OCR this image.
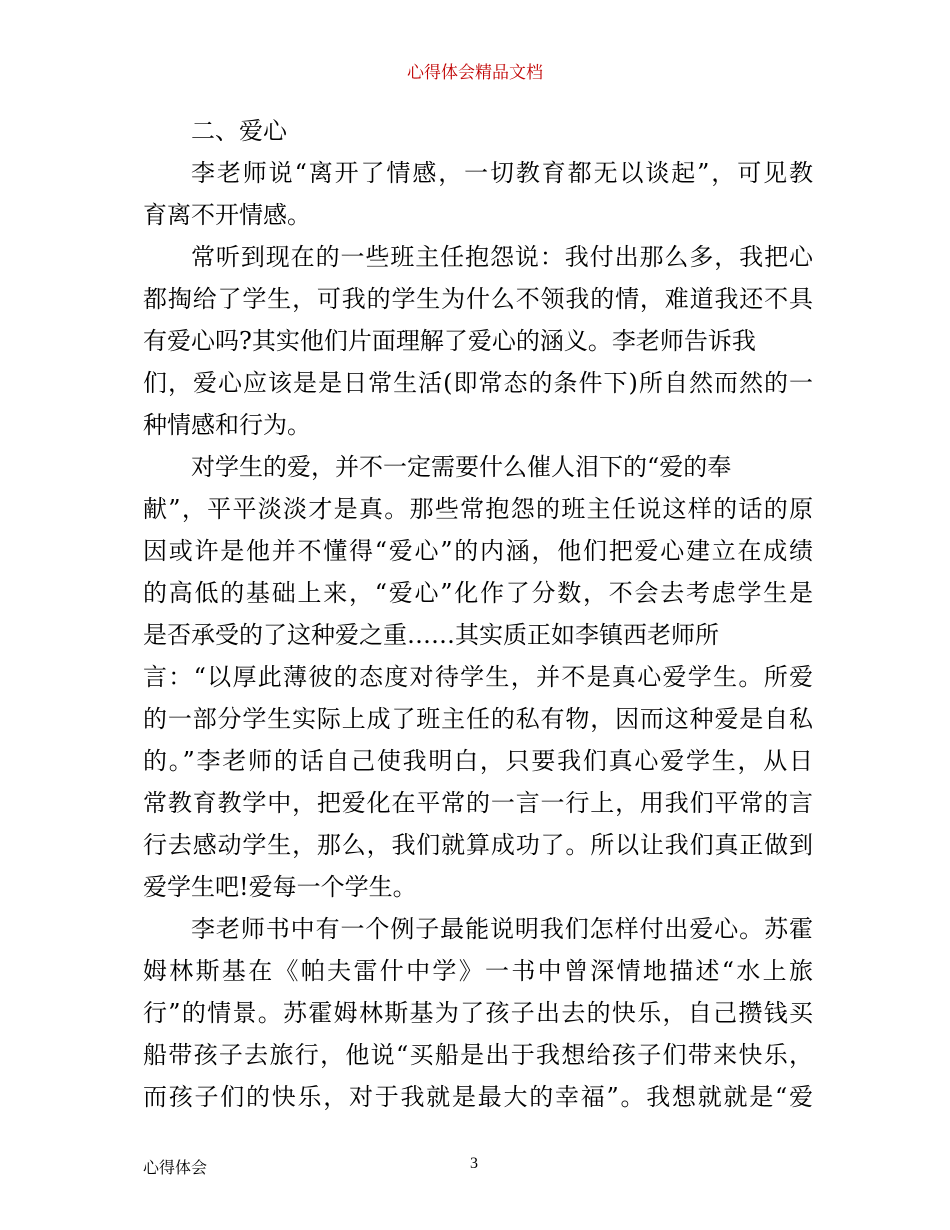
心得体会精品文档
二、爱心
李老师说“离开了情感，一切教育都无以谈起”，可见教
育离不开情感。
常听到现在的一些班主任抱怨说：我付出那么多，我把心
都掏给了学生，可我的学生为什么不领我的情，难道我还不具
有爱心吗?其实他们片面理解了爱心的涵义。李老师告诉我
们，爱心应该是是日常生活(即常态的条件下)所自然而然的一
种情感和行为。
对学生的爱，并不一定需要什么催人泪下的“爱的奉
献”，平平淡淡才是真。那些常抱怨的班主任说这样的话的原
因或许是他并不懂得“爱心”的内涵，他们把爱心建立在成绩
的高低的基础上来，“爱心”化作了分数，不会去考虑学生是
是否承受的了这种爱之重……其实质正如李镇西老师所
言：“以厚此薄彼的态度对待学生，并不是真心爱学生。所爱
的一部分学生实际上成了班主任的私有物，因而这种爱是自私
的。”李老师的话自己使我明白，只要我们真心爱学生，从日
常教育教学中，把爱化在平常的一言一行上，用我们平常的言
行去感动学生，那么，我们就算成功了。所以让我们真正做到
爱学生吧!爱每一个学生。
李老师书中有一个例子最能说明我们怎样付出爱心。苏霍
姆林斯基在《帕夫雷什中学》一书中曾深情地描述“水上旅
行”的情景。苏霍姆林斯基为了孩子出去的快乐，自己攒钱买
船带孩子去旅行，他说“买船是出于我想给孩子们带来快乐，
而孩子们的快乐，对于我就是最大的幸福”。我想就就是“爱
心得体会	3
